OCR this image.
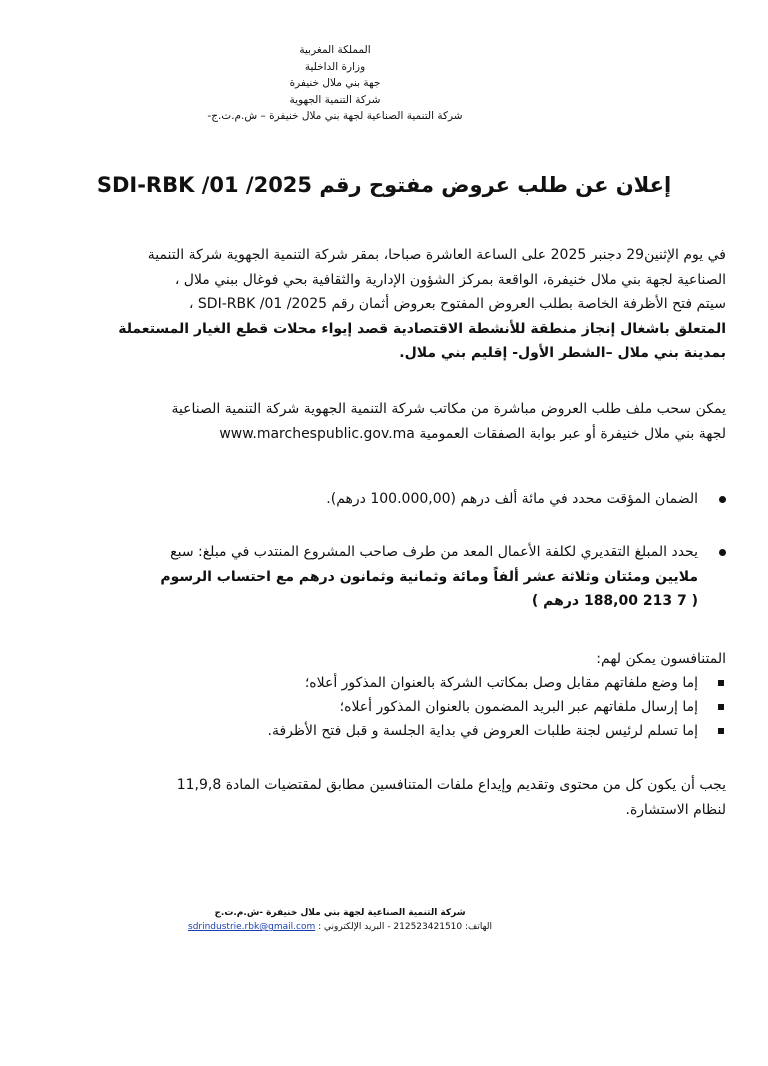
المملكة المغربية
وزارة الداخلية
جهة بني ملال خنيفرة
شركة التنمية الجهوية
شركة التنمية الصناعية لجهة بني ملال خنيفرة – ش.م.ت.ج-
إعلان عن طلب عروض مفتوح رقم 2025/ SDI-RBK /01
في يوم الإثنين29 دجنبر 2025 على الساعة العاشرة صباحا، بمقر شركة التنمية الجهوية شركة التنمية
الصناعية لجهة بني ملال خنيفرة، الواقعة بمركز الشؤون الإدارية والثقافية بحي فوغال ببني ملال ،
سيتم فتح الأظرفة الخاصة بطلب العروض المفتوح بعروض أثمان رقم 2025/ SDI-RBK /01 ،
المتعلق باشغال إنجاز منطقة للأنشطة الاقتصادية قصد إيواء محلات قطع الغيار المستعملة
بمدينة بني ملال –الشطر الأول- إقليم بني ملال.
يمكن سحب ملف طلب العروض مباشرة من مكاتب شركة التنمية الجهوية شركة التنمية الصناعية
لجهة بني ملال خنيفرة أو عبر بوابة الصفقات العمومية www.marchespublic.gov.ma
الضمان المؤقت محدد في مائة ألف درهم (100.000,00 درهم).
يحدد المبلغ التقديري لكلفة الأعمال المعد من طرف صاحب المشروع المنتدب في مبلغ: سبع
ملايين ومئتان وثلاثة عشر ألفاً ومائة وثمانية وثمانون درهم مع احتساب الرسوم
( 7 213 188,00 درهم )
المتنافسون يمكن لهم:
إما وضع ملفاتهم مقابل وصل بمكاتب الشركة بالعنوان المذكور أعلاه؛
إما إرسال ملفاتهم عبر البريد المضمون بالعنوان المذكور أعلاه؛
إما تسلم لرئيس لجنة طلبات العروض في بداية الجلسة و قبل فتح الأظرفة.
يجب أن يكون كل من محتوى وتقديم وإيداع ملفات المتنافسين مطابق لمقتضيات المادة 11,9,8
لنظام الاستشارة.
شركة التنمية الصناعية لجهة بني ملال خنيفرة -ش.م.ت.ج
الهاتف: 212523421510 - البريد الإلكتروني : sdrindustrie.rbk@gmail.com
